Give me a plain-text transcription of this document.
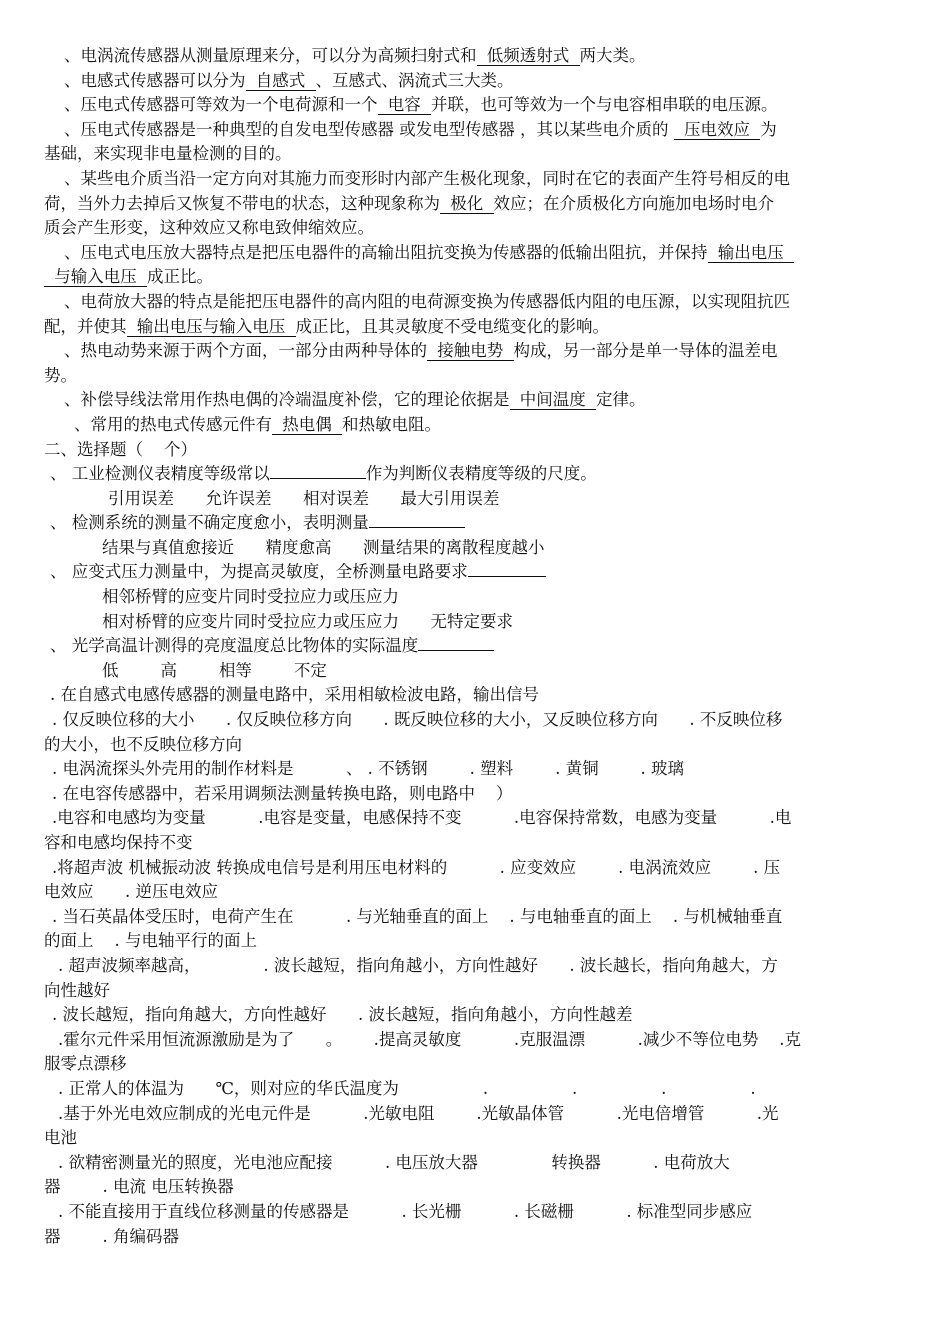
、电涡流传感器从测量原理来分，可以分为高频扫射式和 低频透射式 两大类。
、电感式传感器可以分为 自感式 、互感式、涡流式三大类。
、压电式传感器可等效为一个电荷源和一个 电容 并联，也可等效为一个与电容相串联的电压源。
、压电式传感器是一种典型的自发电型传感器 或发电型传感器 ，其以某些电介质的  压电效应 为
基础，来实现非电量检测的目的。
、某些电介质当沿一定方向对其施力而变形时内部产生极化现象，同时在它的表面产生符号相反的电
荷，当外力去掉后又恢复不带电的状态，这种现象称为 极化 效应；在介质极化方向施加电场时电介
质会产生形变，这种效应又称电致伸缩效应。
、压电式电压放大器特点是把压电器件的高输出阻抗变换为传感器的低输出阻抗，并保持 输出电压 
 与输入电压 成正比。
、电荷放大器的特点是能把压电器件的高内阻的电荷源变换为传感器低内阻的电压源，以实现阻抗匹
配，并使其 输出电压与输入电压 成正比，且其灵敏度不受电缆变化的影响。
、热电动势来源于两个方面，一部分由两种导体的 接触电势 构成，另一部分是单一导体的温差电
势。
、补偿导线法常用作热电偶的冷端温度补偿，它的理论依据是 中间温度 定律。
、常用的热电式传感元件有 热电偶 和热敏电阻。
二、选择题（    个）
、 工业检测仪表精度等级常以	作为判断仪表精度等级的尺度。
引用误差      允许误差      相对误差      最大引用误差
、 检测系统的测量不确定度愈小，表明测量
结果与真值愈接近      精度愈高      测量结果的离散程度越小
、 应变式压力测量中，为提高灵敏度，全桥测量电路要求
相邻桥臂的应变片同时受拉应力或压应力
相对桥臂的应变片同时受拉应力或压应力      无特定要求
、 光学高温计测得的亮度温度总比物体的实际温度
低        高        相等        不定
. 在自感式电感传感器的测量电路中，采用相敏检波电路，输出信号
. 仅反映位移的大小      . 仅反映位移方向      . 既反映位移的大小，又反映位移方向      . 不反映位移
的大小，也不反映位移方向
. 电涡流探头外壳用的制作材料是          、 . 不锈钢        . 塑料        . 黄铜        . 玻璃
. 在电容传感器中，若采用调频法测量转换电路，则电路中    ）
.电容和电感均为变量          .电容是变量，电感保持不变          .电容保持常数，电感为变量          .电
容和电感均保持不变
.将超声波 机械振动波 转换成电信号是利用压电材料的          . 应变效应        . 电涡流效应        . 压
电效应      . 逆压电效应
. 当石英晶体受压时，电荷产生在          . 与光轴垂直的面上    . 与电轴垂直的面上    . 与机械轴垂直
的面上    . 与电轴平行的面上
. 超声波频率越高，            . 波长越短，指向角越小，方向性越好      . 波长越长，指向角越大，方
向性越好
. 波长越短，指向角越大，方向性越好      . 波长越短，指向角越小，方向性越差
.霍尔元件采用恒流源激励是为了      。      .提高灵敏度          .克服温漂          .减少不等位电势    .克
服零点漂移
. 正常人的体温为      ℃，则对应的华氏温度为                .                .                .                .
.基于外光电效应制成的光电元件是          .光敏电阻        .光敏晶体管          .光电倍增管          .光
电池
. 欲精密测量光的照度，光电池应配接          . 电压放大器              转换器          . 电荷放大
器        . 电流 电压转换器
. 不能直接用于直线位移测量的传感器是          . 长光栅          . 长磁栅          . 标准型同步感应
器        . 角编码器
